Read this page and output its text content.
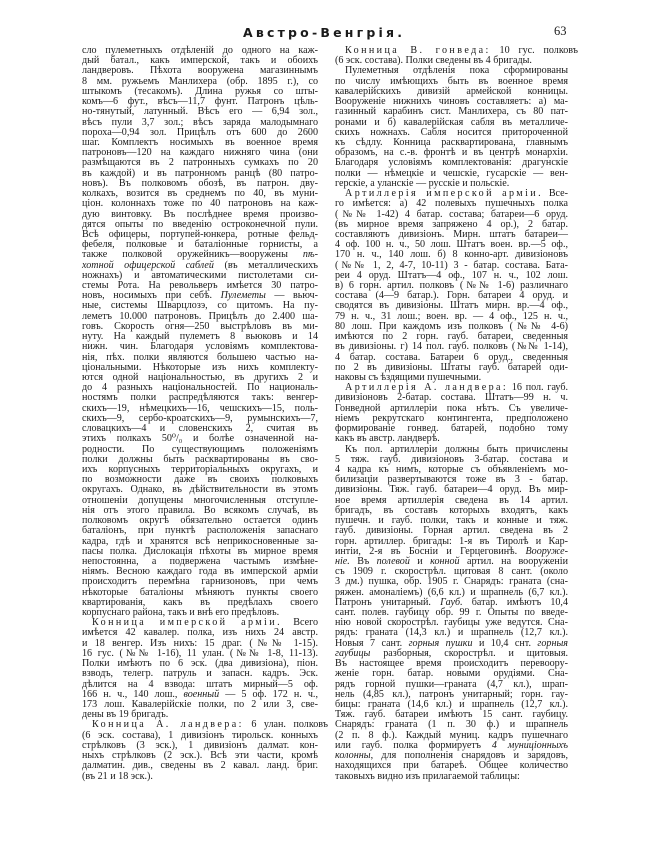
Австро-Венгрія.	63
сло пулеметныхъ отдѣленій до одного на каж-
дый батал., какъ имперской, такъ и обоихъ
ландверовъ. Пѣхота вооружена магазиннымъ
8 мм. ружьемъ Манлихера (обр. 1895 г.), со
штыкомъ (тесакомъ). Длина ружья со шты-
комъ—6 фут., вѣсъ—11,7 фунт. Патронъ цѣль-
но-тянутый, латунный. Вѣсъ его — 6,94 зол.,
вѣсъ пули 3,7 зол.; вѣсъ заряда малодымнаго
пороха—0,94 зол. Прицѣлъ отъ 600 до 2600
шаг. Комплектъ носимыхъ въ военное время
патроновъ—120 на каждаго нижняго чина (они
размѣщаются въ 2 патронныхъ сумкахъ по 20
въ каждой) и въ патронномъ ранцѣ (80 патро-
новъ). Въ полковомъ обозѣ, въ патрон. дву-
колкахъ, возится въ среднемъ по 40, въ муни-
ціон. колоннахъ тоже по 40 патроновъ на каж-
дую винтовку. Въ послѣднее время произво-
дятся опыты по введенію остроконечной пули.
Всѣ офицеры, портупей-юнкера, ротные фельд-
фебеля, полковые и баталіонные горнисты, а
также полковой оружейникъ—вооружены пѣ-
хотной офицерской саблей (въ металлическихъ
ножнахъ) и автоматическими пистолетами си-
стемы Рота. На револьверъ имѣется 30 патро-
новъ, носимыхъ при себѣ. Пулеметы — вьюч-
ные, системы Шварцлозэ, со щитомъ. На пу-
леметъ 10.000 патроновъ. Прицѣлъ до 2.400 ша-
говъ. Скорость огня—250 выстрѣловъ въ ми-
нуту. На каждый пулеметъ 8 вьюковъ и 14
нижн. чин. Благодаря условіямъ комплектова-
нія, пѣх. полки являются большею частью на-
ціональными. Нѣкоторые изъ нихъ комплекту-
ются одной національностью, въ другихъ 2 и
до 4 разныхъ національностей. По националь-
ностямъ полки распредѣляются такъ: венгер-
скихъ—19, нѣмецкихъ—16, чешскихъ—15, поль-
скихъ—9, сербо-кроатскихъ—9, румынскихъ—7,
словацкихъ—4 и словенскихъ 2, считая въ
этихъ полкахъ 50⁰/₀ и болѣе означенной на-
родности. По существующимъ положеніямъ
полки должны быть расквартированы въ сво-
ихъ корпусныхъ территоріальныхъ округахъ, и
по возможности даже въ своихъ полковыхъ
округахъ. Однако, въ дѣйствительности въ этомъ
отношеніи допущены многочисленныя отступле-
нія отъ этого правила. Во всякомъ случаѣ, въ
полковомъ округѣ обязательно остается одинъ
баталіонъ, при пунктѣ расположенія запаснаго
кадра, гдѣ и хранятся всѣ неприкосновенные за-
пасы полка. Дислокація пѣхоты въ мирное время
непостоянна, а подвержена частымъ измѣне-
ніямъ. Весною каждаго года въ имперской арміи
происходитъ перемѣна гарнизоновъ, при чемъ
нѣкоторые баталіоны мѣняютъ пункты своего
квартированія, какъ въ предѣлахъ своего
корпуснаго района, такъ и внѣ его предѣловъ.
Конница имперской арміи. Всего
имѣется 42 кавалер. полка, изъ нихъ 24 австр.
и 18 венгер. Изъ нихъ: 15 драг. (№№ 1-15).
16 гус. (№№ 1-16), 11 улан. (№№ 1-8, 11-13).
Полки имѣютъ по 6 эск. (два дивизіона), піон.
взводъ, телегр. патруль и запасн. кадръ. Эск.
дѣлится на 4 взвода: штатъ мирный—5 оф.
166 н. ч., 140 лош., военный — 5 оф. 172 н. ч.,
173 лош. Кавалерійскіе полки, по 2 или 3, све-
дены въ 19 бригадъ.
Конница А. ландвера: 6 улан. полковъ
(6 эск. состава), 1 дивизіонъ тирольск. конныхъ
стрѣлковъ (3 эск.), 1 дивизіонъ далмат. кон-
ныхъ стрѣлковъ (2 эск.). Всѣ эти части, кромѣ
далматин. див., сведены въ 2 кавал. ланд. бриг.
(въ 21 и 18 эск.).
Конница В. гонведа: 10 гус. полковъ
(6 эск. состава). Полки сведены въ 4 бригады.
Пулеметныя отдѣленія пока сформированы
по числу имѣющихъ быть въ военное время
кавалерійскихъ дивизій армейской конницы.
Вооруженіе нижнихъ чиновъ составляетъ: а) ма-
газинный карабинъ сист. Манлихера, съ 80 пат-
ронами и б) кавалерійская сабля въ металличе-
скихъ ножнахъ. Сабля носится притороченной
къ сѣдлу. Конница расквартирована, главнымъ
образомъ, на с.-в. фронтѣ и въ центрѣ монархіи.
Благодаря условіямъ комплектованія: драгунскіе
полки — нѣмецкіе и чешскіе, гусарскіе — вен-
герскіе, а уланскіе — русскіе и польскіе.
Артиллерія имперской арміи. Все-
го имѣется: а) 42 полевыхъ пушечныхъ полка
(№№ 1-42) 4 батар. состава; батареи—6 оруд.
(въ мирное время запряжено 4 ор.), 2 батар.
составляютъ дивизіонъ. Мирн. штатъ батареи—
4 оф. 100 н. ч., 50 лош. Штатъ воен. вр.—5 оф.,
170 н. ч., 140 лош. б) 8 конно-арт. дивизіоновъ
(№№ 1, 2, 4-7, 10-11) 3 - батар. состава. Бата-
реи 4 оруд. Штатъ—4 оф., 107 н. ч., 102 лош.
в) 6 горн. артил. полковъ (№№ 1-6) различнаго
состава (4—9 батар.). Горн. батареи 4 оруд. и
сводятся въ дивизіоны. Штатъ мирн. вр.—4 оф.,
79 н. ч., 31 лош.; воен. вр. — 4 оф., 125 н. ч.,
80 лош. При каждомъ изъ полковъ (№№ 4-6)
имѣются по 2 горн. гауб. батареи, сведенныя
въ дивизіоны. г) 14 пол. гауб. полковъ (№№ 1-14),
4 батар. состава. Батареи 6 оруд., сведенныя
по 2 въ дивизіоны. Штаты гауб. батарей оди-
наковы съ ѣздящими пушечными.
Артиллерія А. ландвера: 16 пол. гауб.
дивизіоновъ 2-батар. состава. Штатъ—99 н. ч.
Гонведной артиллеріи пока нѣтъ. Съ увеличе-
ніемъ рекрутскаго контингента, предположено
формированіе гонвед. батарей, подобно тому
какъ въ австр. ландверѣ.
Къ пол. артиллеріи должны быть причислены
5 тяж. гауб. дивизіоновъ 3-батар. состава и
4 кадра къ нимъ, которые съ объявленіемъ мо-
билизаціи развертываются тоже въ 3 - батар.
дивизіоны. Тяж. гауб. батареи—4 оруд. Въ мир-
ное время артиллерія сведена въ 14 артил.
бригадъ, въ составъ которыхъ входятъ, какъ
пушечн. и гауб. полки, такъ и конные и тяж.
гауб. дивизіоны. Горная артил. сведена въ 2
горн. артиллер. бригады: 1-я въ Тиролѣ и Кар-
интіи, 2-я въ Босніи и Герцеговинѣ. Вооруже-
ніе. Въ полевой и конной артил. на вооруженіи
съ 1909 г. скорострѣл. щитовая 8 сант. (около
3 дм.) пушка, обр. 1905 г. Снарядъ: граната (сна-
ряжен. амоналіемъ) (6,6 кл.) и шрапнель (6,7 кл.).
Патронъ унитарный. Гауб. батар. имѣютъ 10,4
сант. полев. гаубицу обр. 99 г. Опыты по введе-
нію новой скорострѣл. гаубицы уже ведутся. Сна-
рядъ: граната (14,3 кл.) и шрапнель (12,7 кл.).
Новыя 7 сант. горныя пушки и 10,4 снт. горныя
гаубицы разборныя, скорострѣл. и щитовыя.
Въ настоящее время происходитъ перевоору-
женіе горн. батар. новыми орудіями. Сна-
рядъ горной пушки—граната (4,7 кл.), шрап-
нель (4,85 кл.), патронъ унитарный; горн. гау-
бицы: граната (14,6 кл.) и шрапнель (12,7 кл.).
Тяж. гауб. батареи имѣютъ 15 сант. гаубицу.
Снарядъ: граната (1 п. 30 ф.) и шрапнель
(2 п. 8 ф.). Каждый муниц. кадръ пушечнаго
или гауб. полка формируетъ 4 муниціонныхъ
колонны, для пополненія снарядовъ и зарядовъ,
находящихся при батареѣ. Общее количество
таковыхъ видно изъ прилагаемой таблицы:
